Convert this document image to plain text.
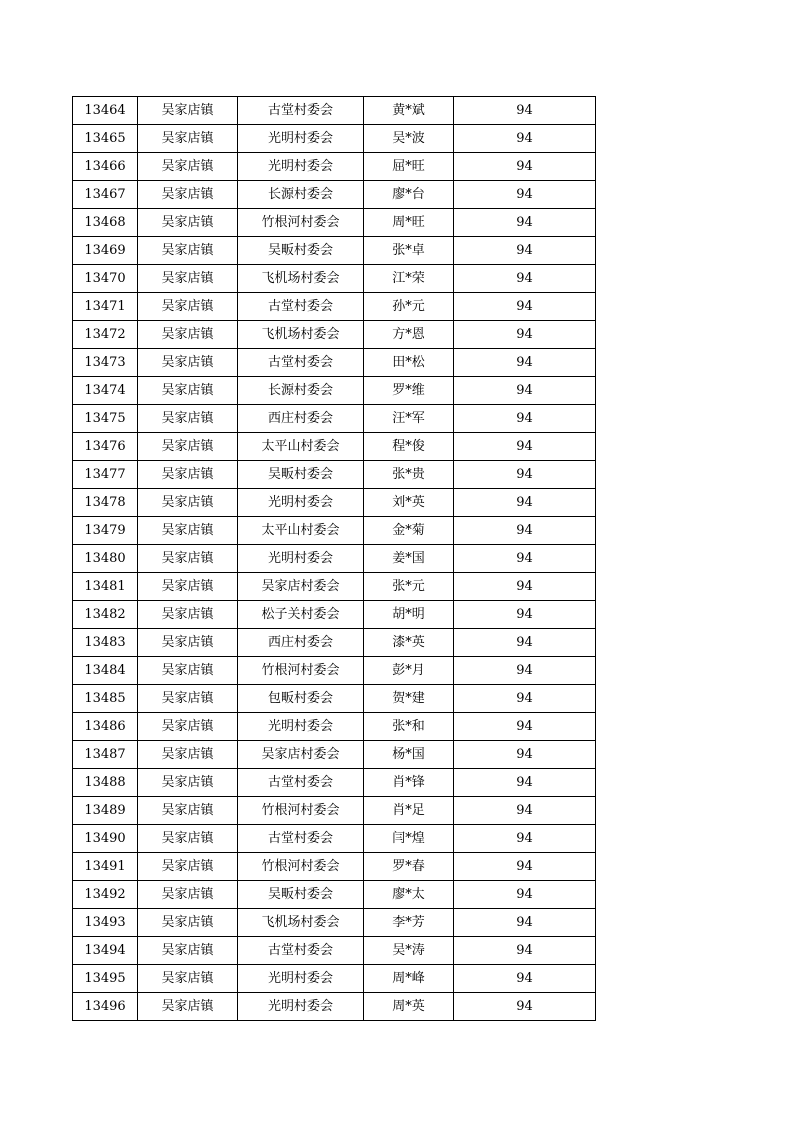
13464	吴家店镇	古堂村委会	黄*斌	94
13465	吴家店镇	光明村委会	吴*波	94
13466	吴家店镇	光明村委会	屈*旺	94
13467	吴家店镇	长源村委会	廖*台	94
13468	吴家店镇	竹根河村委会	周*旺	94
13469	吴家店镇	吴畈村委会	张*卓	94
13470	吴家店镇	飞机场村委会	江*荣	94
13471	吴家店镇	古堂村委会	孙*元	94
13472	吴家店镇	飞机场村委会	方*恩	94
13473	吴家店镇	古堂村委会	田*松	94
13474	吴家店镇	长源村委会	罗*维	94
13475	吴家店镇	西庄村委会	汪*军	94
13476	吴家店镇	太平山村委会	程*俊	94
13477	吴家店镇	吴畈村委会	张*贵	94
13478	吴家店镇	光明村委会	刘*英	94
13479	吴家店镇	太平山村委会	金*菊	94
13480	吴家店镇	光明村委会	姜*国	94
13481	吴家店镇	吴家店村委会	张*元	94
13482	吴家店镇	松子关村委会	胡*明	94
13483	吴家店镇	西庄村委会	漆*英	94
13484	吴家店镇	竹根河村委会	彭*月	94
13485	吴家店镇	包畈村委会	贺*建	94
13486	吴家店镇	光明村委会	张*和	94
13487	吴家店镇	吴家店村委会	杨*国	94
13488	吴家店镇	古堂村委会	肖*锋	94
13489	吴家店镇	竹根河村委会	肖*足	94
13490	吴家店镇	古堂村委会	闫*煌	94
13491	吴家店镇	竹根河村委会	罗*春	94
13492	吴家店镇	吴畈村委会	廖*太	94
13493	吴家店镇	飞机场村委会	李*芳	94
13494	吴家店镇	古堂村委会	吴*涛	94
13495	吴家店镇	光明村委会	周*峰	94
13496	吴家店镇	光明村委会	周*英	94
